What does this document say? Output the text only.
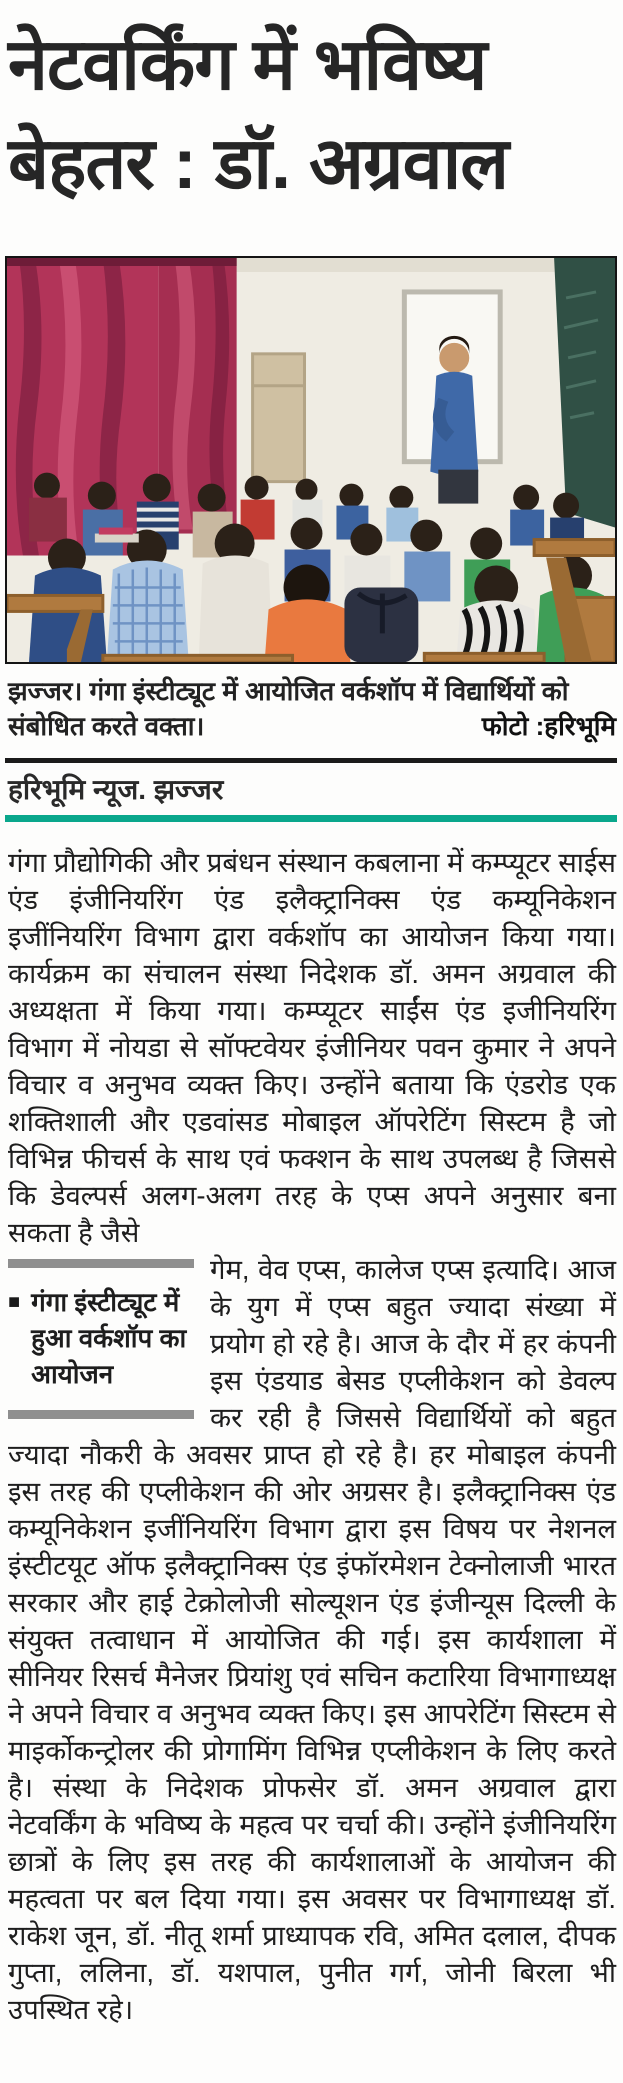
नेटवर्किंग में भविष्य
बेहतर : डॉ. अग्रवाल
झज्जर। गंगा इंस्टीट्यूट में आयोजित वर्कशॉप में विद्यार्थियों को संबोधित करते वक्ता।	फोटो :हरिभूमि
हरिभूमि न्यूज. झज्जर

गंगा प्रौद्योगिकी और प्रबंधन संस्थान कबलाना में कम्प्यूटर साईस एंड इंजीनियरिंग एंड इलैक्ट्रानिक्स एंड कम्यूनिकेशन इजींनियरिंग विभाग द्वारा वर्कशॉप का आयोजन किया गया। कार्यक्रम का संचालन संस्था निदेशक डॉ. अमन अग्रवाल की अध्यक्षता में किया गया। कम्प्यूटर साईंस एंड इजीनियरिंग विभाग में नोयडा से सॉफ्टवेयर इंजीनियर पवन कुमार ने अपने विचार व अनुभव व्यक्त किए। उन्होंने बताया कि एंडरोड एक शक्तिशाली और एडवांसड मोबाइल ऑपरेटिंग सिस्टम है जो विभिन्न फीचर्स के साथ एवं फक्शन के साथ उपलब्ध है जिससे कि डेवल्पर्स अलग-अलग तरह के एप्स अपने अनुसार बना सकता है जैसे

■ गंगा इंस्टीट्यूट में हुआ वर्कशॉप का आयोजन

गेम, वेव एप्स, कालेज एप्स इत्यादि। आज के युग में एप्स बहुत ज्यादा संख्या में प्रयोग हो रहे है। आज के दौर में हर कंपनी इस एंडयाड बेसड एप्लीकेशन को डेवल्प कर रही है जिससे विद्यार्थियों को बहुत ज्यादा नौकरी के अवसर प्राप्त हो रहे है। हर मोबाइल कंपनी इस तरह की एप्लीकेशन की ओर अग्रसर है। इलैक्ट्रानिक्स एंड कम्यूनिकेशन इजींनियरिंग विभाग द्वारा इस विषय पर नेशनल इंस्टीटयूट ऑफ इलैक्ट्रानिक्स एंड इंफॉरमेशन टेक्नोलाजी भारत सरकार और हाई टेक्रोलोजी सोल्यूशन एंड इंजीन्यूस दिल्ली के संयुक्त तत्वाधान में आयोजित की गई। इस कार्यशाला में सीनियर रिसर्च मैनेजर प्रियांशु एवं सचिन कटारिया विभागाध्यक्ष ने अपने विचार व अनुभव व्यक्त किए। इस आपरेटिंग सिस्टम से माइर्कोकन्ट्रोलर की प्रोगामिंग विभिन्न एप्लीकेशन के लिए करते है। संस्था के निदेशक प्रोफसेर डॉ. अमन अग्रवाल द्वारा नेटवर्किंग के भविष्य के महत्व पर चर्चा की। उन्होंने इंजीनियरिंग छात्रों के लिए इस तरह की कार्यशालाओं के आयोजन की महत्वता पर बल दिया गया। इस अवसर पर विभागाध्यक्ष डॉ. राकेश जून, डॉ. नीतू शर्मा प्राध्यापक रवि, अमित दलाल, दीपक गुप्ता, ललिना, डॉ. यशपाल, पुनीत गर्ग, जोनी बिरला भी उपस्थित रहे।
